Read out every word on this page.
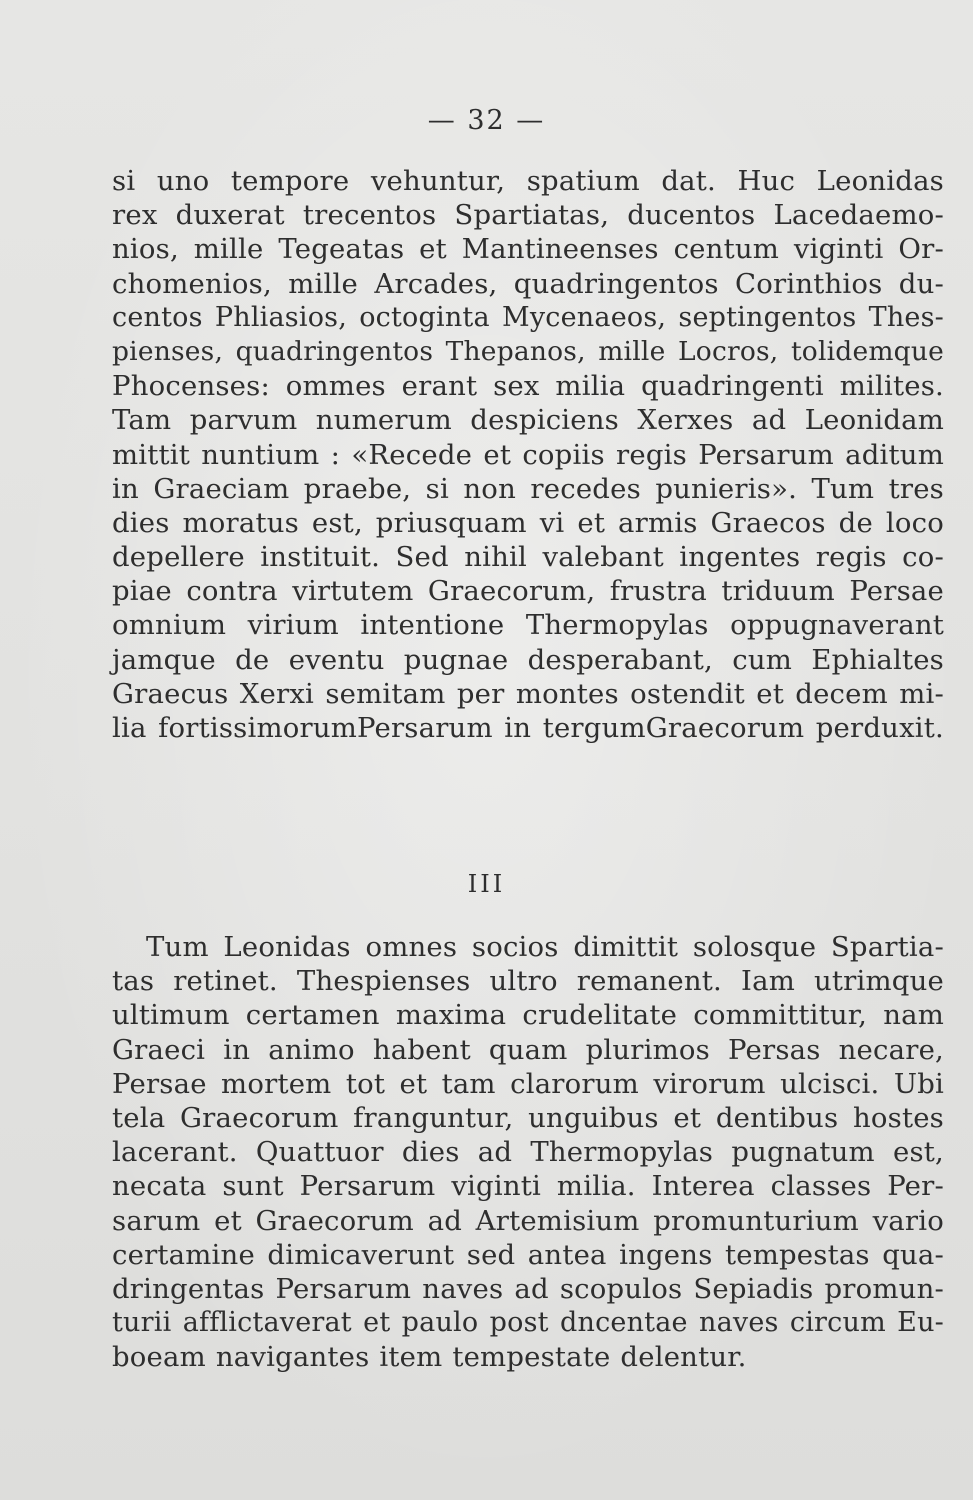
— 32 —
si uno tempore vehuntur, spatium dat. Huc Leonidas
rex duxerat trecentos Spartiatas, ducentos Lacedaemo-
nios, mille Tegeatas et Mantineenses centum viginti Or-
chomenios, mille Arcades, quadringentos Corinthios du-
centos Phliasios, octoginta Mycenaeos, septingentos Thes-
pienses, quadringentos Thepanos, mille Locros, tolidemque
Phocenses: ommes erant sex milia quadringenti milites.
Tam parvum numerum despiciens Xerxes ad Leonidam
mittit nuntium : «Recede et copiis regis Persarum aditum
in Graeciam praebe, si non recedes punieris». Tum tres
dies moratus est, priusquam vi et armis Graecos de loco
depellere instituit. Sed nihil valebant ingentes regis co-
piae contra virtutem Graecorum, frustra triduum Persae
omnium virium intentione Thermopylas oppugnaverant
jamque de eventu pugnae desperabant, cum Ephialtes
Graecus Xerxi semitam per montes ostendit et decem mi-
lia fortissimorumPersarum in tergumGraecorum perduxit.
III
Tum Leonidas omnes socios dimittit solosque Spartia-
tas retinet. Thespienses ultro remanent. Iam utrimque
ultimum certamen maxima crudelitate committitur, nam
Graeci in animo habent quam plurimos Persas necare,
Persae mortem tot et tam clarorum virorum ulcisci. Ubi
tela Graecorum franguntur, unguibus et dentibus hostes
lacerant. Quattuor dies ad Thermopylas pugnatum est,
necata sunt Persarum viginti milia. Interea classes Per-
sarum et Graecorum ad Artemisium promunturium vario
certamine dimicaverunt sed antea ingens tempestas qua-
dringentas Persarum naves ad scopulos Sepiadis promun-
turii afflictaverat et paulo post dncentae naves circum Eu-
boeam navigantes item tempestate delentur.
